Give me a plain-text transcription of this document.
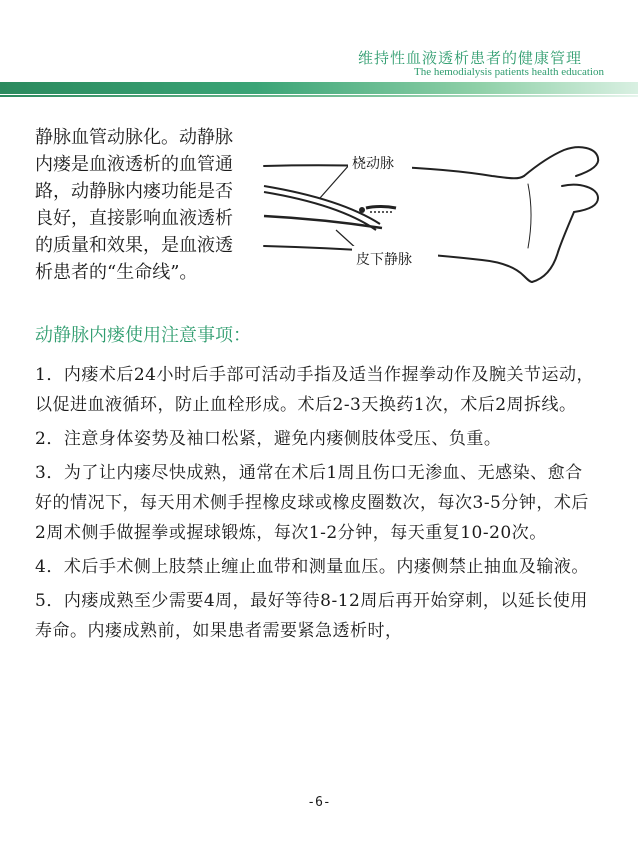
维持性血液透析患者的健康管理
The hemodialysis patients health education

静脉血管动脉化。动静脉

内瘘是血液透析的血管通

路，动静脉内瘘功能是否

良好，直接影响血液透析

的质量和效果，是血液透

析患者的“生命线”。

桡动脉
皮下静脉
动静脉内瘘使用注意事项：

1．内瘘术后24小时后手部可活动手指及适当作握拳动作及腕关节运动，以促进血液循环，防止血栓形成。术后2-3天换药1次，术后2周拆线。

2．注意身体姿势及袖口松紧，避免内瘘侧肢体受压、负重。

3．为了让内瘘尽快成熟，通常在术后1周且伤口无渗血、无感染、愈合好的情况下，每天用术侧手捏橡皮球或橡皮圈数次，每次3-5分钟，术后2周术侧手做握拳或握球锻炼，每次1-2分钟，每天重复10-20次。

4．术后手术侧上肢禁止缠止血带和测量血压。内瘘侧禁止抽血及输液。

5．内瘘成熟至少需要4周，最好等待8-12周后再开始穿刺，以延长使用寿命。内瘘成熟前，如果患者需要紧急透析时，

-6-
